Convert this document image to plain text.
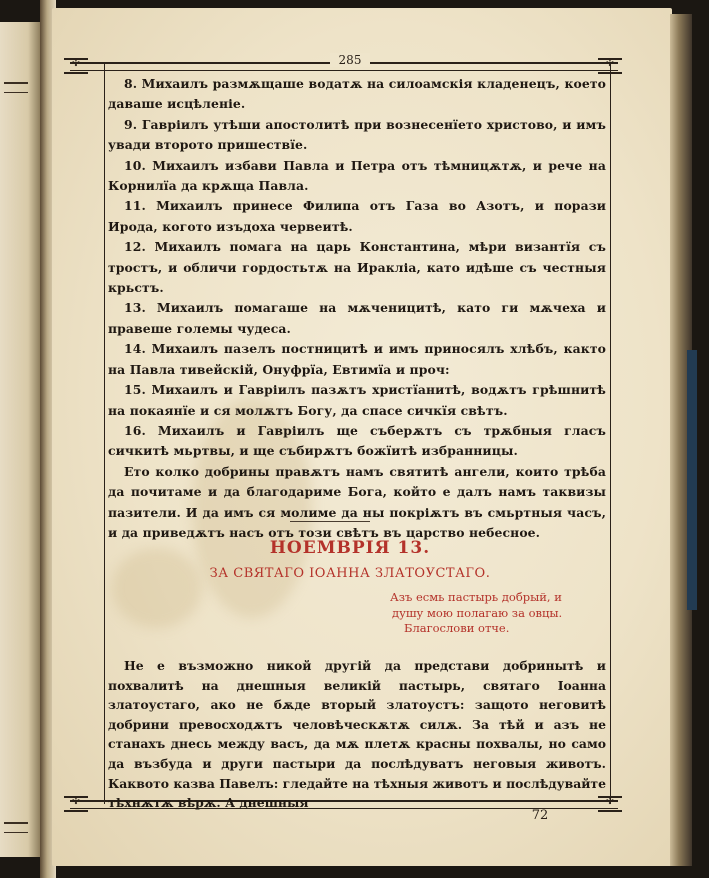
✣	✣
✣	✣
285

8. Михаилъ размѫщаше водатѫ на силоамскія кладенецъ, което даваше исцѣленіе.

9. Гавріилъ утѣши апостолитѣ при вознесенїето христово, и имъ увади второто пришествїе.

10. Михаилъ избави Павла и Петра отъ тѣмницѫтѫ, и рече на Корнилїа да крѫща Павла.

11. Михаилъ принесе Филипа отъ Газа во Азотъ, и порази Ирода, когото изъдоха червеитѣ.

12. Михаилъ помага на царь Константина, мѣри византїя съ тростъ, и обличи гордостьтѫ на Иракліа, като идѣше съ честныя крьстъ.

13. Михаилъ помагаше на мѫченицитѣ, като ги мѫчеха и правеше големы чудеса.

14. Михаилъ пазелъ постницитѣ и имъ приносялъ хлѣбъ, както на Павла тивейскій, Онуфрїа, Евтимїа и проч:

15. Михаилъ и Гавріилъ пазѫтъ христїанитѣ, водѫтъ грѣшнитѣ на покаянїе и ся молѫтъ Богу, да спасе сичкїя свѣтъ.

16. Михаилъ и Гавріилъ ще съберѫтъ съ трѫбныя гласъ сичкитѣ мьртвы, и ще събирѫтъ божїитѣ избранницы.

Ето колко добрины правѫтъ намъ святитѣ ангели, които трѣба да почитаме и да благодариме Бога, който е далъ намъ таквизы пазители. И да имъ ся молиме да ны покріѫтъ въ смьртныя часъ, и да приведѫтъ насъ отъ този свѣтъ въ царство небесное.

НОЕМВРІЯ 13.
ЗА СВЯТАГО ІОАННА ЗЛАТОУСТАГО.
Азъ есмь пастырь добрый, и
душу мою полагаю за овцы.
Благослови отче.

Не е възможно никой другій да представи добринытѣ и похвалитѣ на днешныя великій пастырь, святаго Іоанна златоустаго, ако не бѫде вторый златоустъ: защото неговитѣ добрини превосходѫтъ человѣческѫтѫ силѫ. За тѣй и азъ не станахъ днесь между васъ, да мѫ плетѫ красны похвалы, но само да възбуда и други пастыри да послѣдуватъ неговыя животъ. Каквото казва Павелъ: гледайте на тѣхныя животъ и послѣдувайте тѣхнѫтѫ вѣрѫ. А днешныя

72
